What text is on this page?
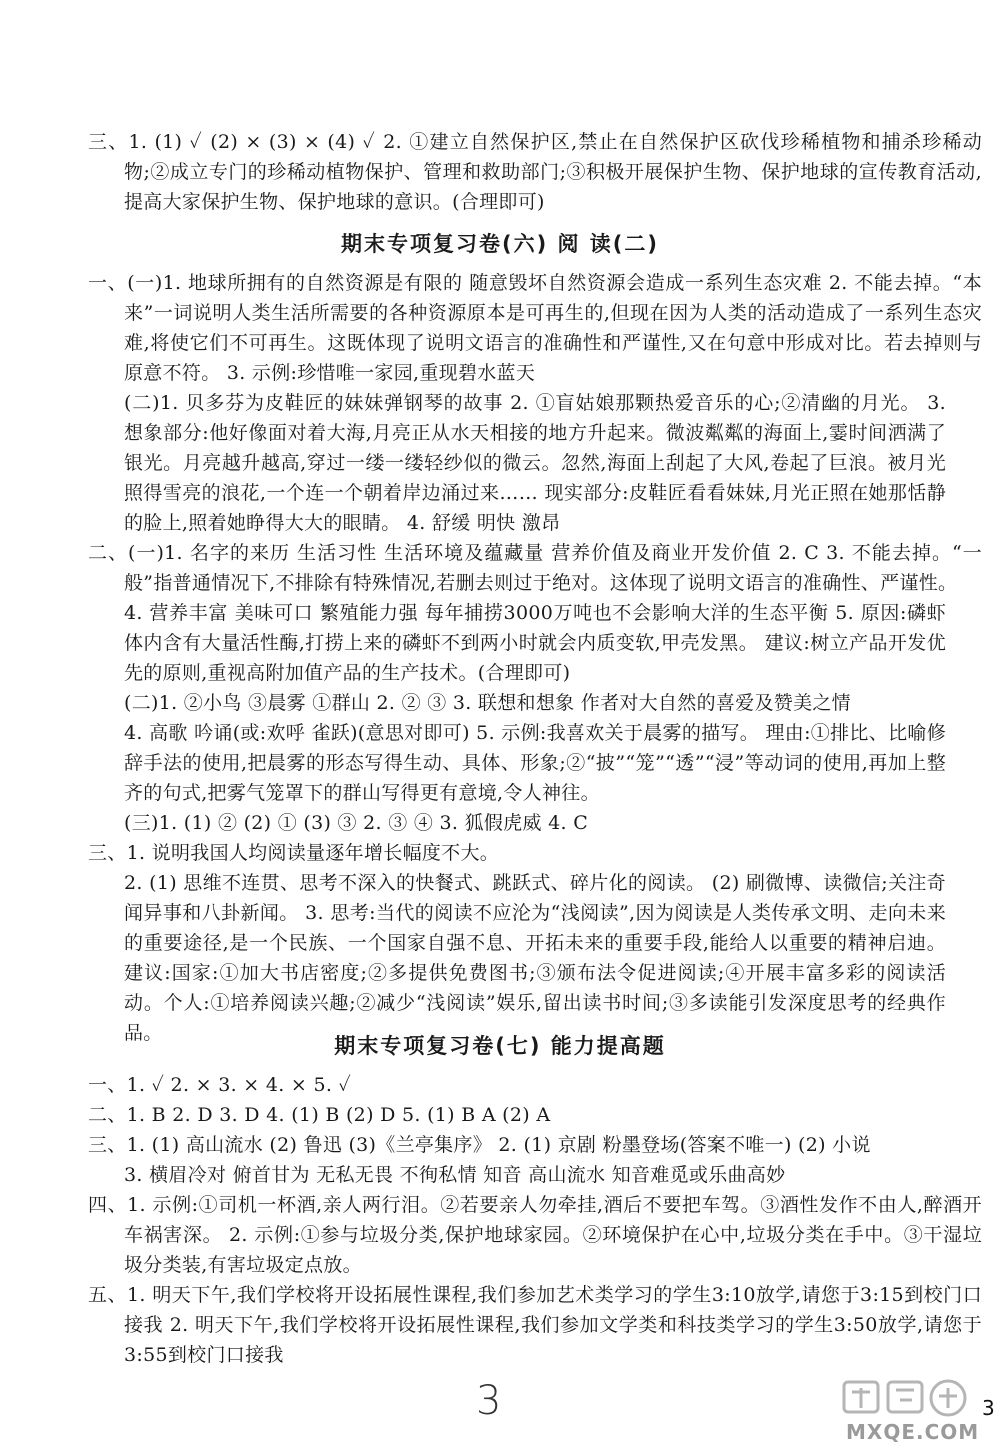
三、1. (1) ✓ (2) × (3) × (4) ✓ 2. ①建立自然保护区,禁止在自然保护区砍伐珍稀植物和捕杀珍稀动物;②成立专门的珍稀动植物保护、管理和救助部门;③积极开展保护生物、保护地球的宣传教育活动,提高大家保护生物、保护地球的意识。(合理即可)

期末专项复习卷(六) 阅 读(二)

一、(一)1. 地球所拥有的自然资源是有限的 随意毁坏自然资源会造成一系列生态灾难 2. 不能去掉。“本来”一词说明人类生活所需要的各种资源原本是可再生的,但现在因为人类的活动造成了一系列生态灾难,将使它们不可再生。这既体现了说明文语言的准确性和严谨性,又在句意中形成对比。若去掉则与原意不符。 3. 示例:珍惜唯一家园,重现碧水蓝天

(二)1. 贝多芬为皮鞋匠的妹妹弹钢琴的故事 2. ①盲姑娘那颗热爱音乐的心;②清幽的月光。 3. 想象部分:他好像面对着大海,月亮正从水天相接的地方升起来。微波粼粼的海面上,霎时间洒满了银光。月亮越升越高,穿过一缕一缕轻纱似的微云。忽然,海面上刮起了大风,卷起了巨浪。被月光照得雪亮的浪花,一个连一个朝着岸边涌过来…… 现实部分:皮鞋匠看看妹妹,月光正照在她那恬静的脸上,照着她睁得大大的眼睛。 4. 舒缓 明快 激昂

二、(一)1. 名字的来历 生活习性 生活环境及蕴藏量 营养价值及商业开发价值 2. C 3. 不能去掉。“一般”指普通情况下,不排除有特殊情况,若删去则过于绝对。这体现了说明文语言的准确性、严谨性。

4. 营养丰富 美味可口 繁殖能力强 每年捕捞3000万吨也不会影响大洋的生态平衡 5. 原因:磷虾体内含有大量活性酶,打捞上来的磷虾不到两小时就会内质变软,甲壳发黑。 建议:树立产品开发优先的原则,重视高附加值产品的生产技术。(合理即可)

(二)1. ②小鸟 ③晨雾 ①群山 2. ② ③ 3. 联想和想象 作者对大自然的喜爱及赞美之情

4. 高歌 吟诵(或:欢呼 雀跃)(意思对即可) 5. 示例:我喜欢关于晨雾的描写。 理由:①排比、比喻修辞手法的使用,把晨雾的形态写得生动、具体、形象;②“披”“笼”“透”“浸”等动词的使用,再加上整齐的句式,把雾气笼罩下的群山写得更有意境,令人神往。

(三)1. (1) ② (2) ① (3) ③ 2. ③ ④ 3. 狐假虎威 4. C

三、1. 说明我国人均阅读量逐年增长幅度不大。

2. (1) 思维不连贯、思考不深入的快餐式、跳跃式、碎片化的阅读。 (2) 刷微博、读微信;关注奇闻异事和八卦新闻。 3. 思考:当代的阅读不应沦为“浅阅读”,因为阅读是人类传承文明、走向未来的重要途径,是一个民族、一个国家自强不息、开拓未来的重要手段,能给人以重要的精神启迪。 建议:国家:①加大书店密度;②多提供免费图书;③颁布法令促进阅读;④开展丰富多彩的阅读活动。个人:①培养阅读兴趣;②减少“浅阅读”娱乐,留出读书时间;③多读能引发深度思考的经典作品。

期末专项复习卷(七) 能力提高题

一、1. ✓ 2. × 3. × 4. × 5. ✓

二、1. B 2. D 3. D 4. (1) B (2) D 5. (1) B A (2) A

三、1. (1) 高山流水 (2) 鲁迅 (3)《兰亭集序》 2. (1) 京剧 粉墨登场(答案不唯一) (2) 小说

3. 横眉冷对 俯首甘为 无私无畏 不徇私情 知音 高山流水 知音难觅或乐曲高妙

四、1. 示例:①司机一杯酒,亲人两行泪。②若要亲人勿牵挂,酒后不要把车驾。③酒性发作不由人,醉酒开车祸害深。 2. 示例:①参与垃圾分类,保护地球家园。②环境保护在心中,垃圾分类在手中。③干湿垃圾分类装,有害垃圾定点放。

五、1. 明天下午,我们学校将开设拓展性课程,我们参加艺术类学习的学生3:10放学,请您于3:15到校门口接我 2. 明天下午,我们学校将开设拓展性课程,我们参加文学类和科技类学习的学生3:50放学,请您于3:55到校门口接我

3	3
MXQE.COM
